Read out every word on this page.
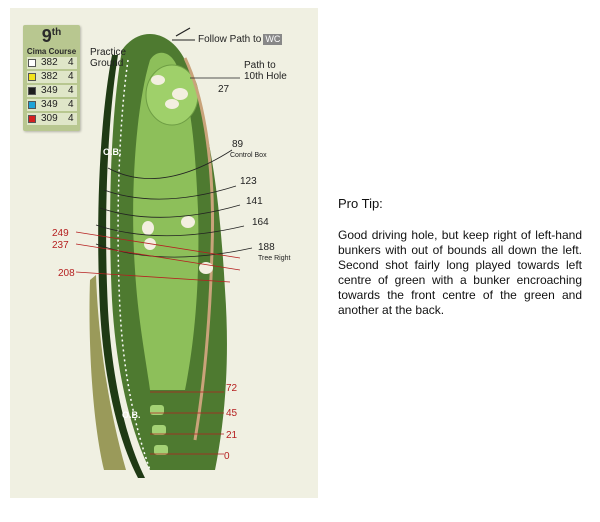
9th
Cima Course
382 4
382 4
349 4
349 4
309 4
Follow Path to WC
Practice
Ground	Path to
10th Hole
27
89
Control Box
123
141
164
188
Tree Right
O.B.
O.B.
249
237
208
72
45
21
0
Pro Tip:
Good driving hole, but keep right of left-hand bunkers with out of bounds all down the left. Second shot fairly long played towards left centre of green with a bunker encroaching towards the front centre of the green and another at the back.
